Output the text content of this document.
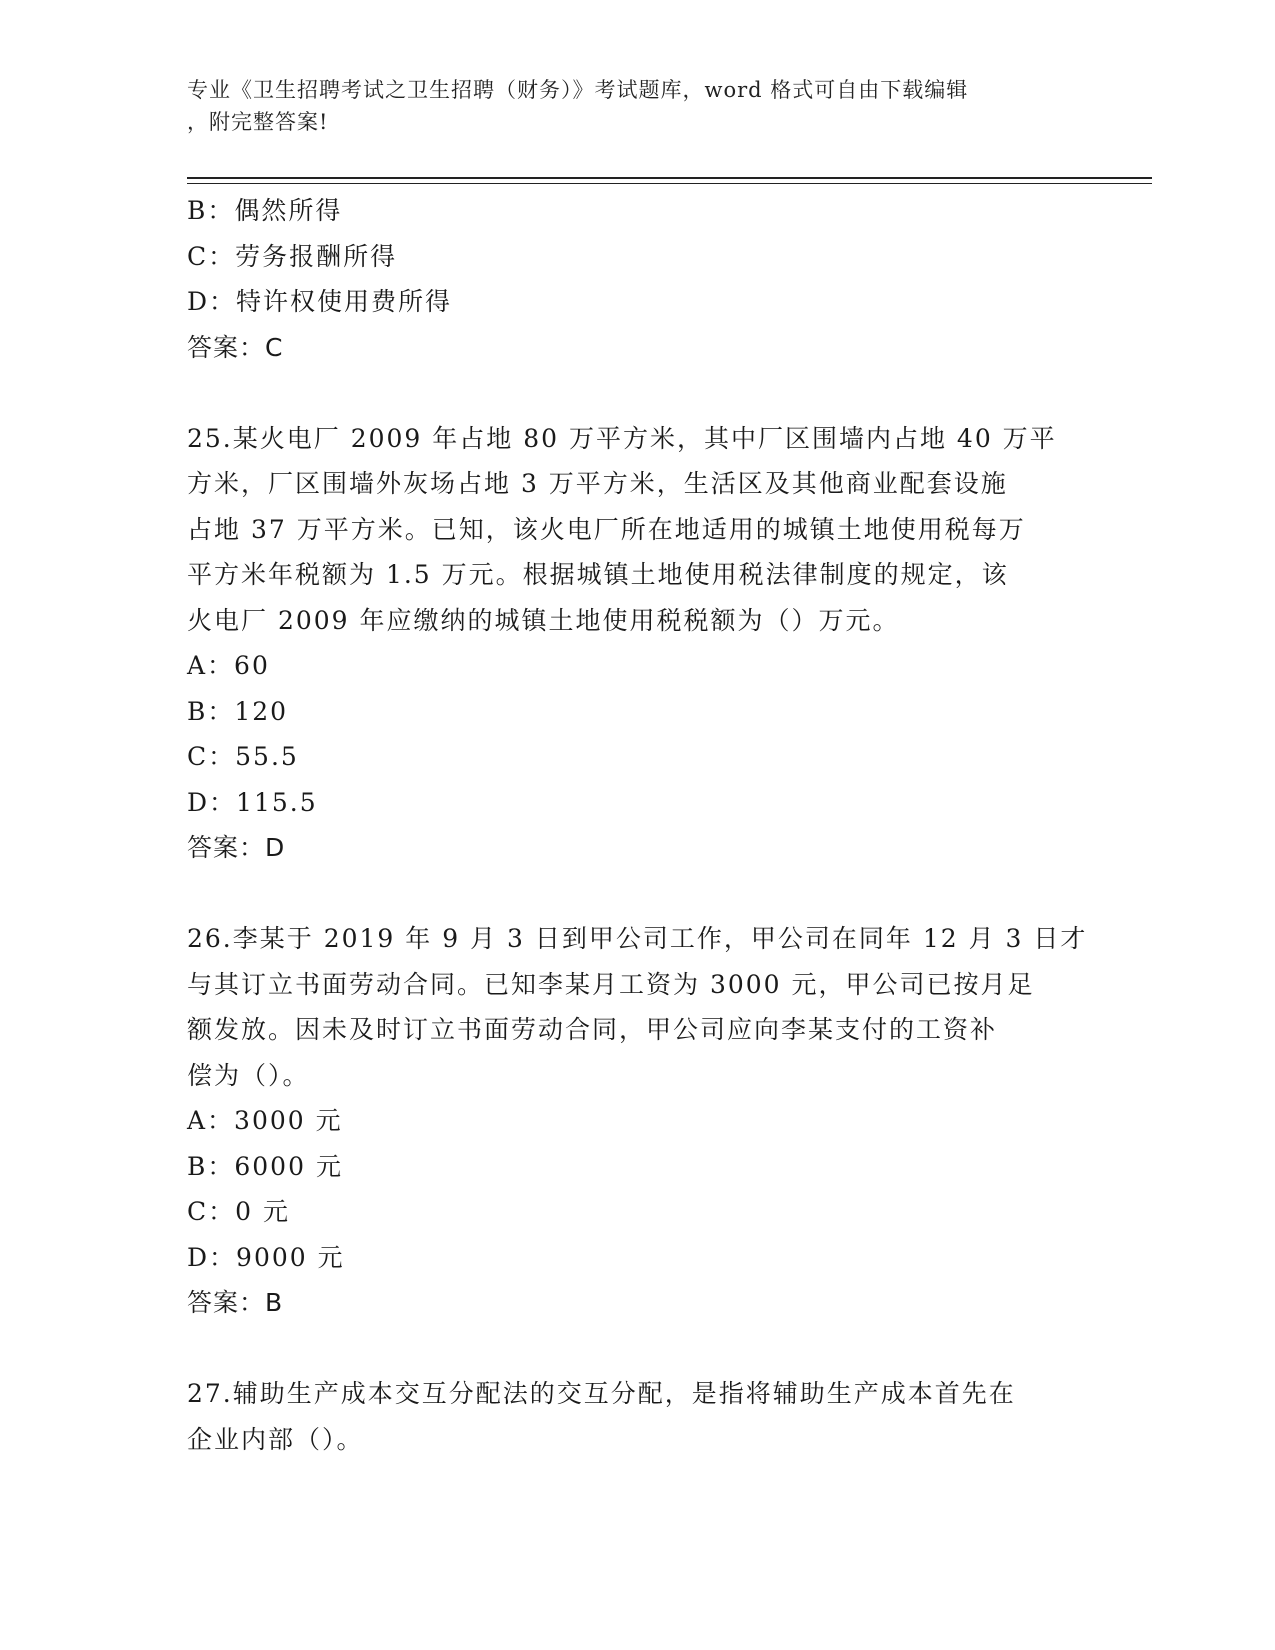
专业《卫生招聘考试之卫生招聘（财务）》考试题库，word 格式可自由下载编辑
，附完整答案!
B：偶然所得
C：劳务报酬所得
D：特许权使用费所得
答案：C
25.某火电厂 2009 年占地 80 万平方米，其中厂区围墙内占地 40 万平
方米，厂区围墙外灰场占地 3 万平方米，生活区及其他商业配套设施
占地 37 万平方米。已知，该火电厂所在地适用的城镇土地使用税每万
平方米年税额为 1.5 万元。根据城镇土地使用税法律制度的规定，该
火电厂 2009 年应缴纳的城镇土地使用税税额为（）万元。
A：60
B：120
C：55.5
D：115.5
答案：D
26.李某于 2019 年 9 月 3 日到甲公司工作，甲公司在同年 12 月 3 日才
与其订立书面劳动合同。已知李某月工资为 3000 元，甲公司已按月足
额发放。因未及时订立书面劳动合同，甲公司应向李某支付的工资补
偿为（）。
A：3000 元
B：6000 元
C：0 元
D：9000 元
答案：B
27.辅助生产成本交互分配法的交互分配，是指将辅助生产成本首先在
企业内部（）。
